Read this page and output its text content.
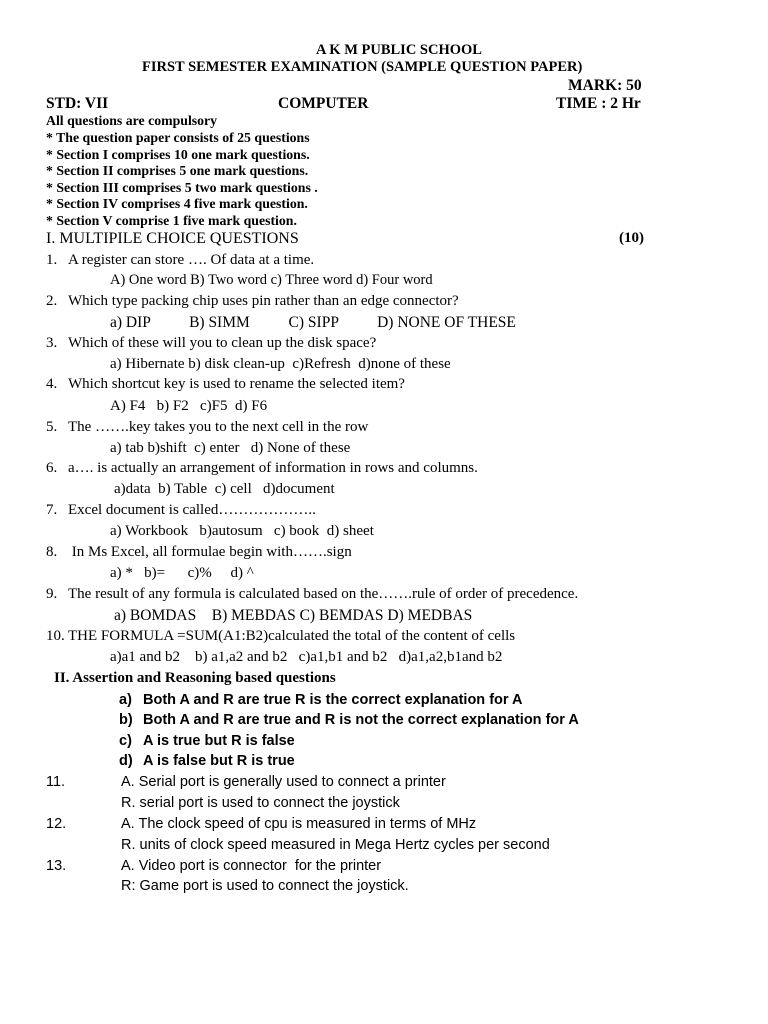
A K M PUBLIC SCHOOL
FIRST SEMESTER EXAMINATION (SAMPLE QUESTION PAPER)
MARK: 50
STD: VII	COMPUTER	TIME : 2 Hr
All questions are compulsory
* The question paper consists of 25 questions
* Section I comprises 10 one mark questions.
* Section II comprises 5 one mark questions.
* Section III comprises 5 two mark questions .
* Section IV comprises 4 five mark question.
* Section V comprise 1 five mark question.
I. MULTIPILE CHOICE QUESTIONS	(10)
1. A register can store …. Of data at a time.
A) One word B) Two word c) Three word d) Four word
2. Which type packing chip uses pin rather than an edge connector?
a) DIP          B) SIMM          C) SIPP          D) NONE OF THESE
3. Which of these will you to clean up the disk space?
a) Hibernate b) disk clean-up  c)Refresh  d)none of these
4. Which shortcut key is used to rename the selected item?
A) F4   b) F2   c)F5  d) F6
5. The …….key takes you to the next cell in the row
a) tab b)shift  c) enter   d) None of these
6. a…. is actually an arrangement of information in rows and columns.
a)data  b) Table  c) cell   d)document
7. Excel document is called………………..
a) Workbook   b)autosum   c) book  d) sheet
8. In Ms Excel, all formulae begin with…….sign
a) *   b)=      c)%     d) ^
9. The result of any formula is calculated based on the…….rule of order of precedence.
a) BOMDAS    B) MEBDAS C) BEMDAS D) MEDBAS
10. THE FORMULA =SUM(A1:B2)calculated the total of the content of cells
a)a1 and b2    b) a1,a2 and b2   c)a1,b1 and b2   d)a1,a2,b1and b2
II. Assertion and Reasoning based questions
a) Both A and R are true R is the correct explanation for A
b) Both A and R are true and R is not the correct explanation for A
c) A is true but R is false
d) A is false but R is true
11.	A. Serial port is generally used to connect a printer
R. serial port is used to connect the joystick
12.	A. The clock speed of cpu is measured in terms of MHz
R. units of clock speed measured in Mega Hertz cycles per second
13.	A. Video port is connector  for the printer
R: Game port is used to connect the joystick.
